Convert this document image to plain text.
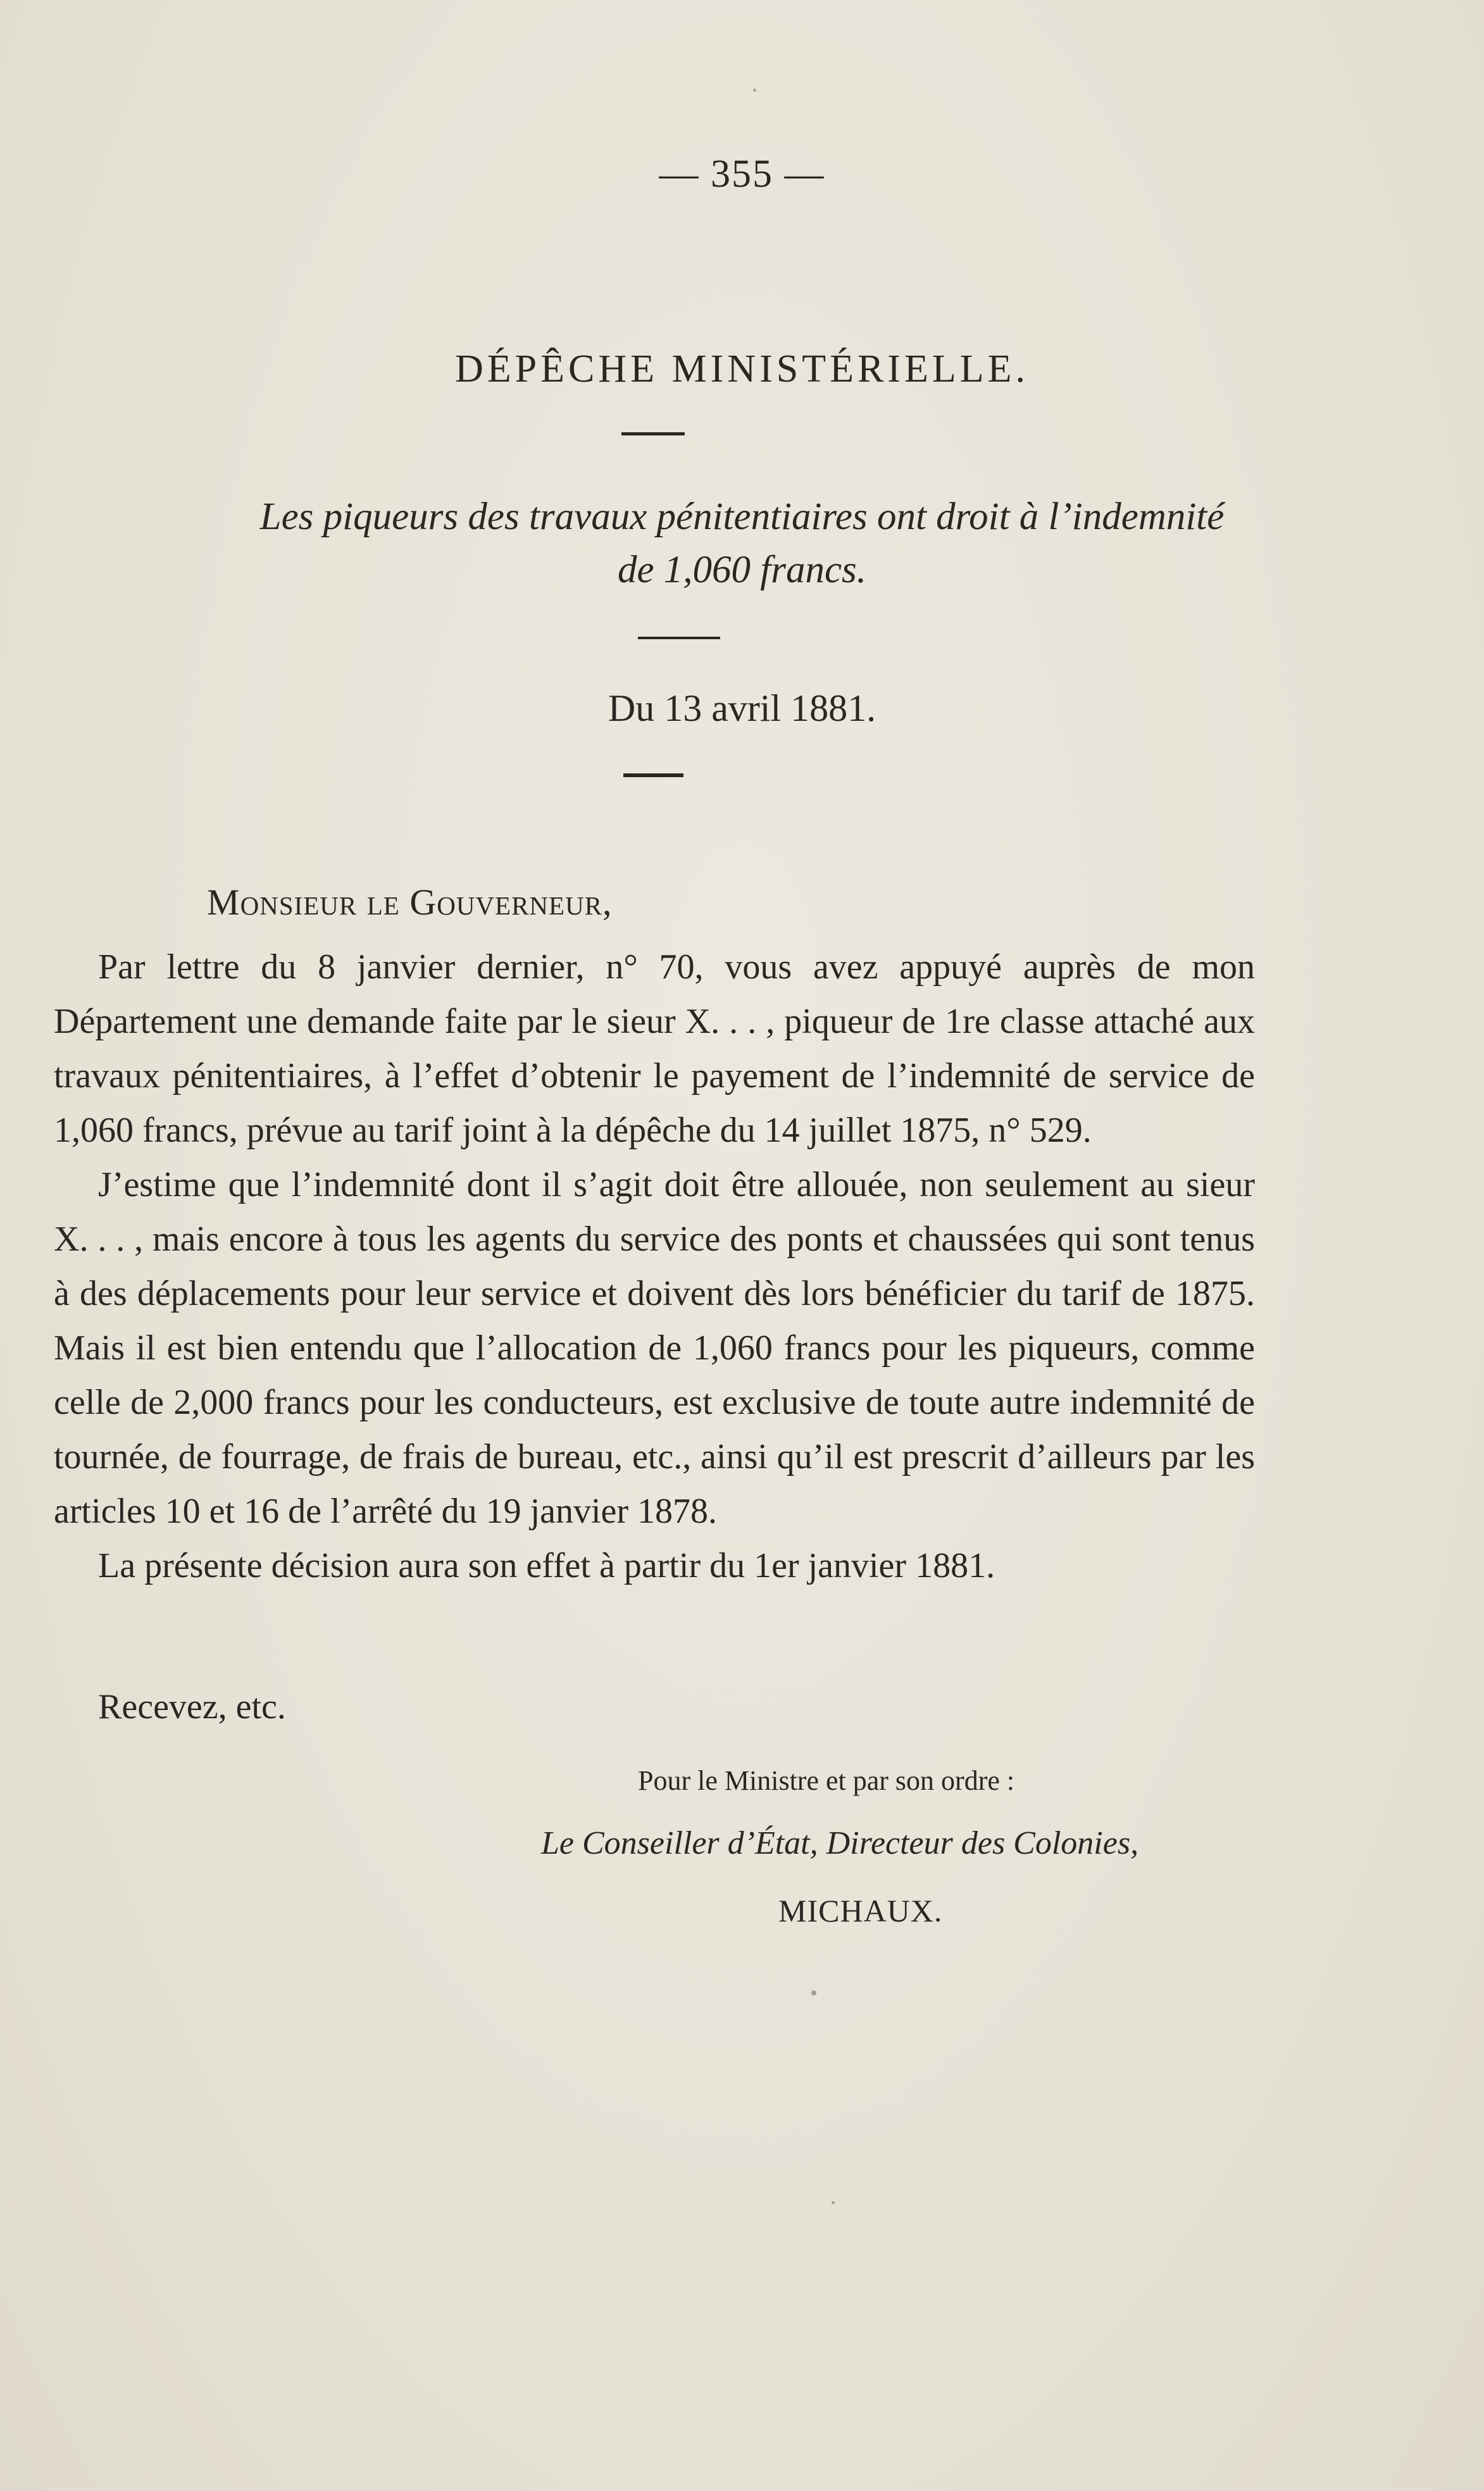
— 355 —
DÉPÊCHE MINISTÉRIELLE.
Les piqueurs des travaux pénitentiaires ont droit à l’indemnité
de 1,060 francs.
Du 13 avril 1881.
Monsieur le Gouverneur,

Par lettre du 8 janvier dernier, n° 70, vous avez appuyé auprès de mon Département une demande faite par le sieur X. . . , piqueur de 1re classe attaché aux travaux pénitentiaires, à l’effet d’obtenir le payement de l’indemnité de service de 1,060 francs, prévue au tarif joint à la dépêche du 14 juillet 1875, n° 529.

J’estime que l’indemnité dont il s’agit doit être allouée, non seulement au sieur X. . . , mais encore à tous les agents du service des ponts et chaussées qui sont tenus à des déplacements pour leur service et doivent dès lors bénéficier du tarif de 1875. Mais il est bien entendu que l’allocation de 1,060 francs pour les piqueurs, comme celle de 2,000 francs pour les conducteurs, est exclusive de toute autre indemnité de tournée, de fourrage, de frais de bureau, etc., ainsi qu’il est prescrit d’ailleurs par les articles 10 et 16 de l’arrêté du 19 janvier 1878.

La présente décision aura son effet à partir du 1er janvier 1881.

Recevez, etc.
Pour le Ministre et par son ordre :
Le Conseiller d’État, Directeur des Colonies,
MICHAUX.
